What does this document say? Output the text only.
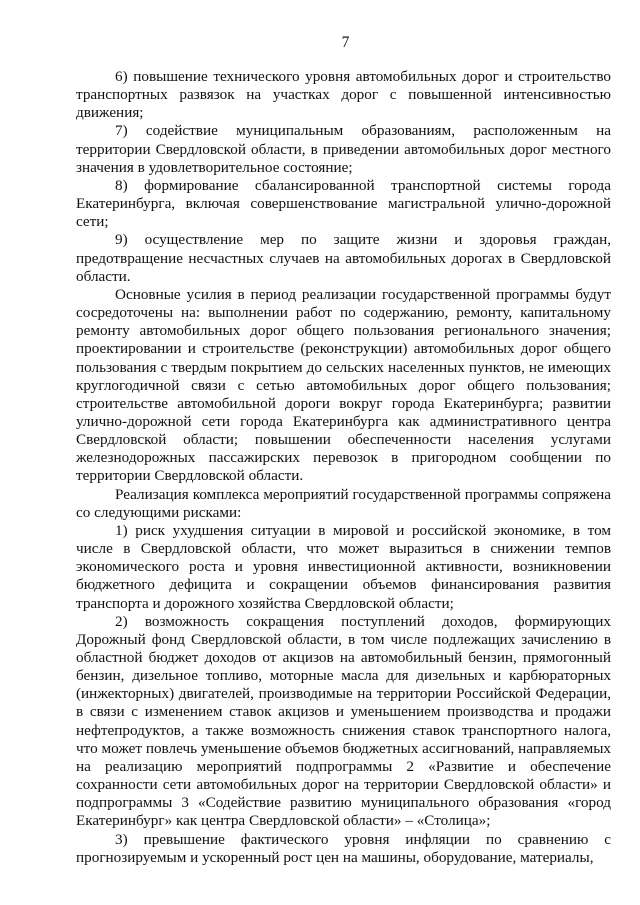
7

6) повышение технического уровня автомобильных дорог и строительство транспортных развязок на участках дорог с повышенной интенсивностью движения;

7) содействие муниципальным образованиям, расположенным на территории Свердловской области, в приведении автомобильных дорог местного значения в удовлетворительное состояние;

8) формирование сбалансированной транспортной системы города Екатеринбурга, включая совершенствование магистральной улично-дорожной сети;

9) осуществление мер по защите жизни и здоровья граждан, предотвращение несчастных случаев на автомобильных дорогах в Свердловской области.

Основные усилия в период реализации государственной программы будут сосредоточены на: выполнении работ по содержанию, ремонту, капитальному ремонту автомобильных дорог общего пользования регионального значения; проектировании и строительстве (реконструкции) автомобильных дорог общего пользования с твердым покрытием до сельских населенных пунктов, не имеющих круглогодичной связи с сетью автомобильных дорог общего пользования; строительстве автомобильной дороги вокруг города Екатеринбурга; развитии улично-дорожной сети города Екатеринбурга как административного центра Свердловской области; повышении обеспеченности населения услугами железнодорожных пассажирских перевозок в пригородном сообщении по территории Свердловской области.

Реализация комплекса мероприятий государственной программы сопряжена со следующими рисками:

1) риск ухудшения ситуации в мировой и российской экономике, в том числе в Свердловской области, что может выразиться в снижении темпов экономического роста и уровня инвестиционной активности, возникновении бюджетного дефицита и сокращении объемов финансирования развития транспорта и дорожного хозяйства Свердловской области;

2) возможность сокращения поступлений доходов, формирующих Дорожный фонд Свердловской области, в том числе подлежащих зачислению в областной бюджет доходов от акцизов на автомобильный бензин, прямогонный бензин, дизельное топливо, моторные масла для дизельных и карбюраторных (инжекторных) двигателей, производимые на территории Российской Федерации, в связи с изменением ставок акцизов и уменьшением производства и продажи нефтепродуктов, а также возможность снижения ставок транспортного налога, что может повлечь уменьшение объемов бюджетных ассигнований, направляемых на реализацию мероприятий подпрограммы 2 «Развитие и обеспечение сохранности сети автомобильных дорог на территории Свердловской области» и подпрограммы 3 «Содействие развитию муниципального образования «город Екатеринбург» как центра Свердловской области» – «Столица»;

3) превышение фактического уровня инфляции по сравнению с прогнозируемым и ускоренный рост цен на машины, оборудование, материалы,
